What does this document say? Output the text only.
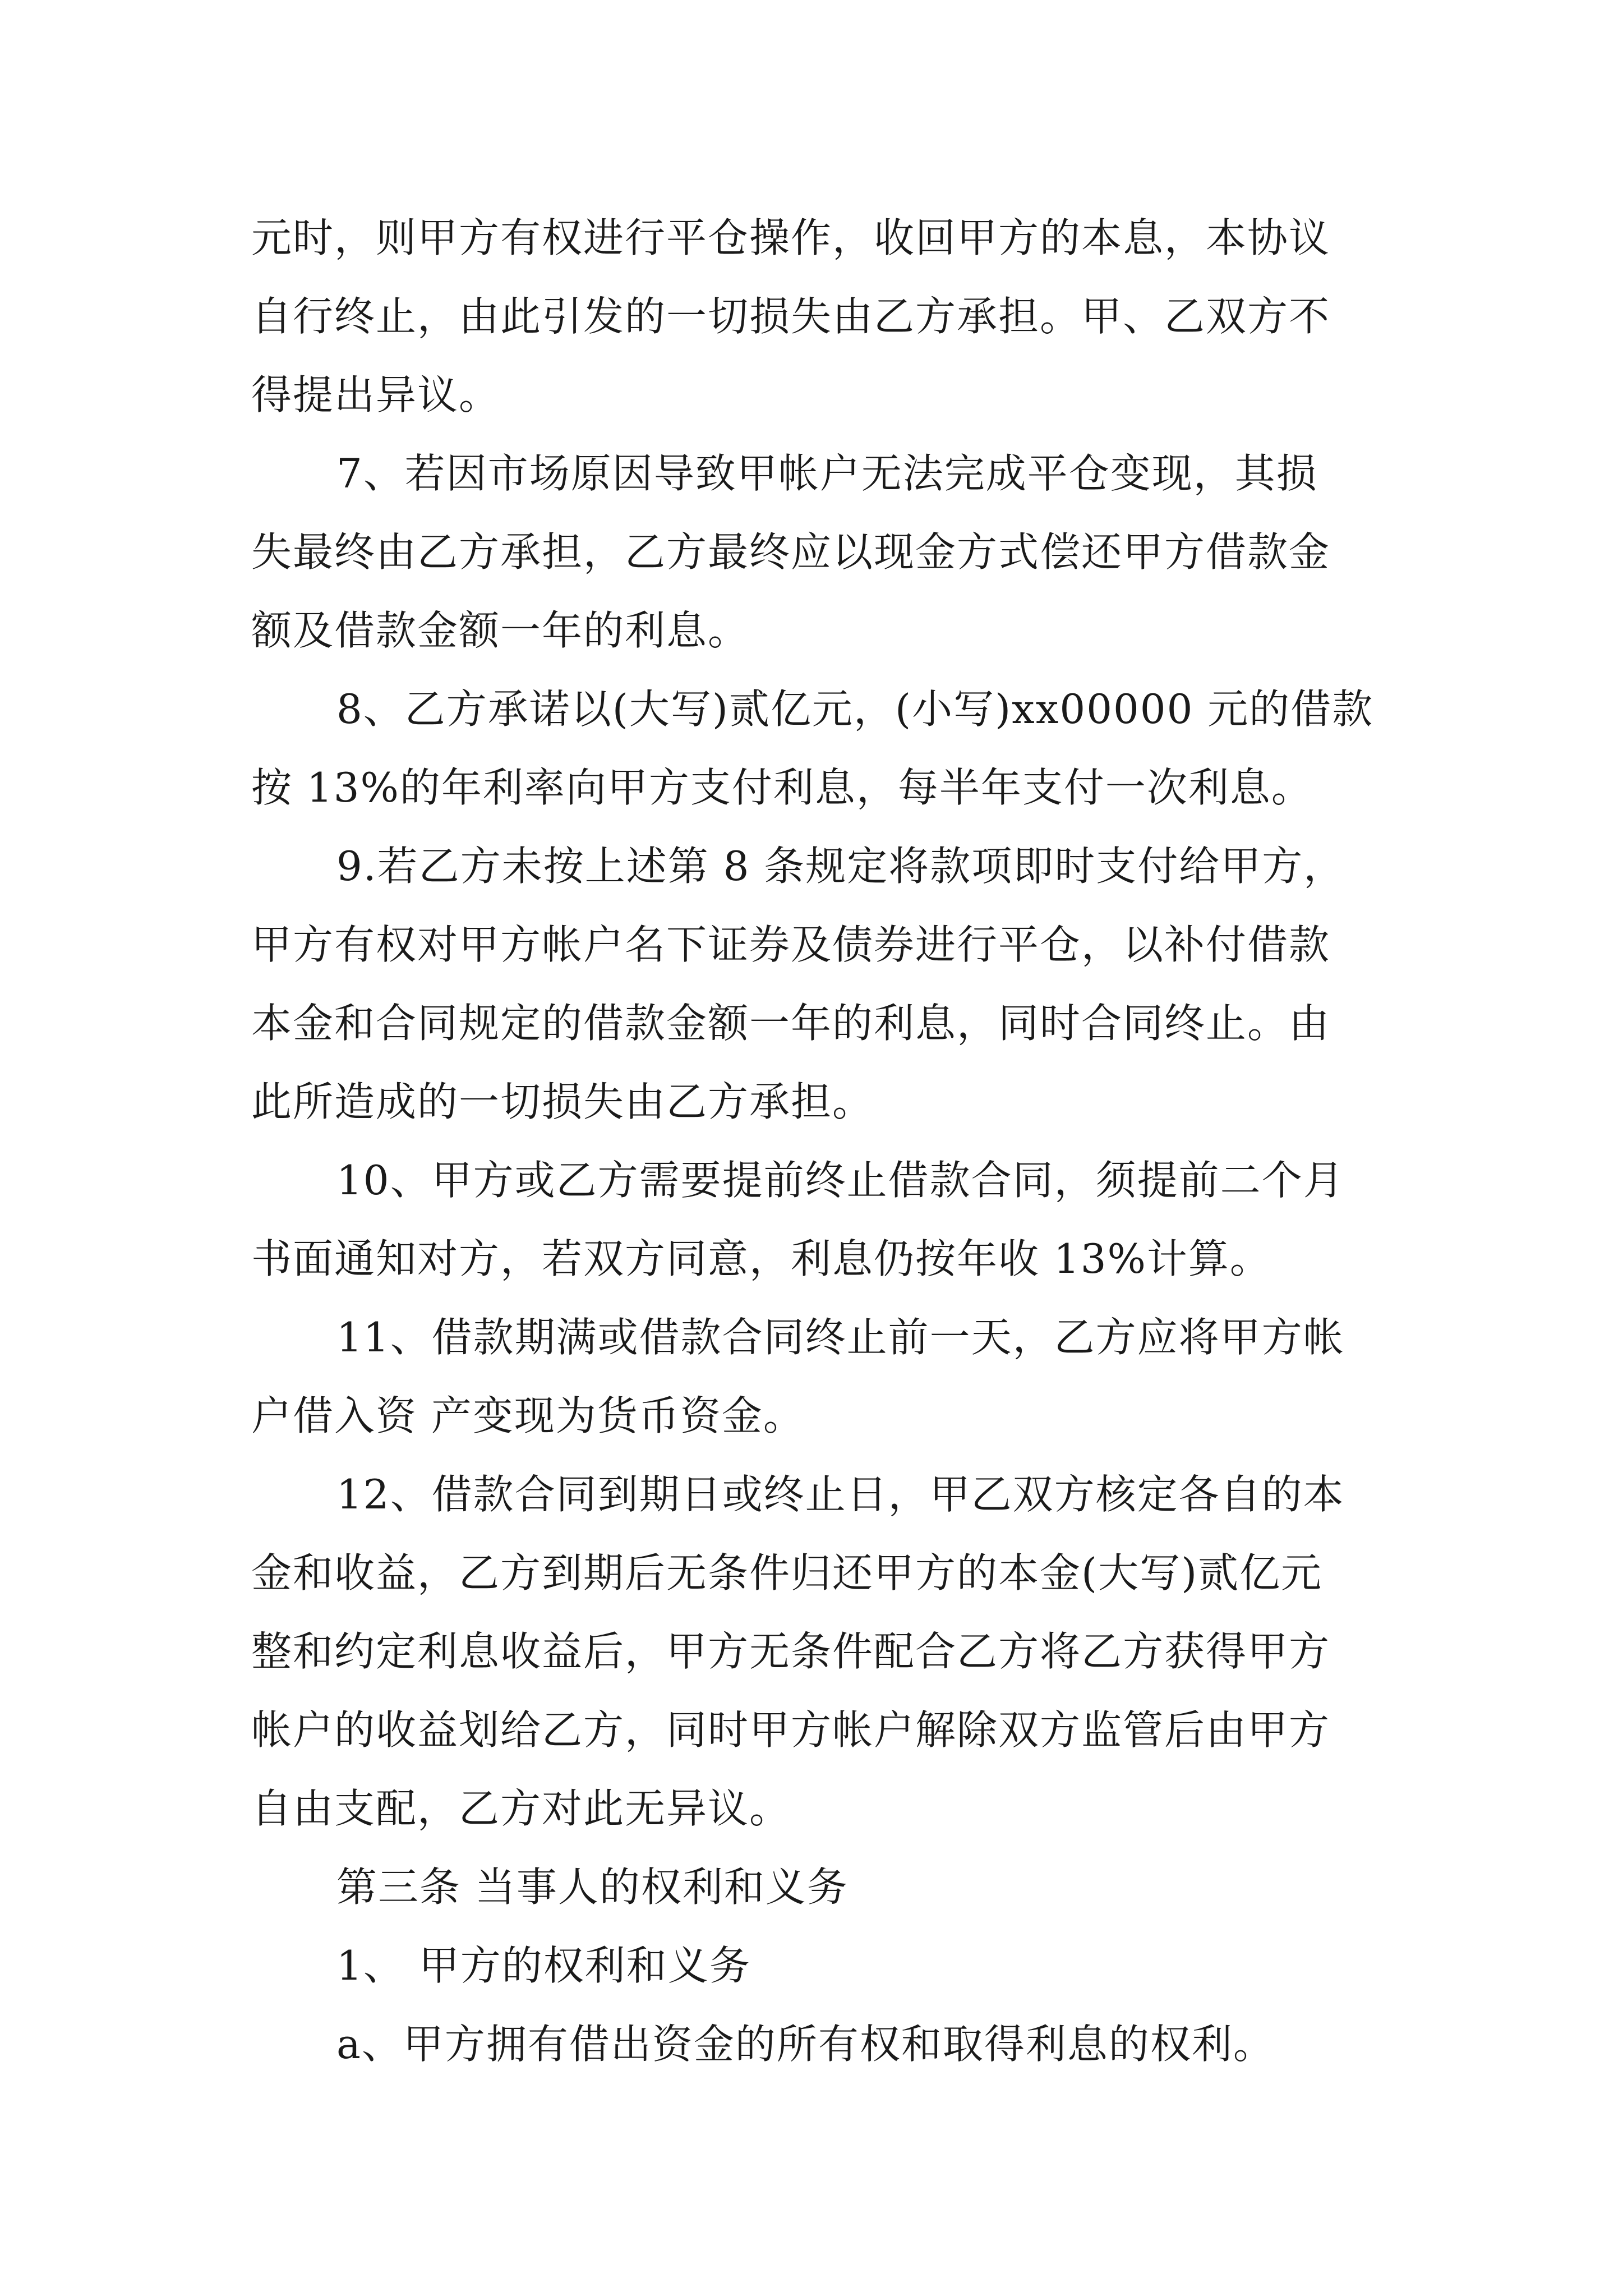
元时，则甲方有权进行平仓操作，收回甲方的本息，本协议

自行终止，由此引发的一切损失由乙方承担。甲、乙双方不

得提出异议。

7、若因市场原因导致甲帐户无法完成平仓变现，其损

失最终由乙方承担，乙方最终应以现金方式偿还甲方借款金

额及借款金额一年的利息。

8、乙方承诺以(大写)贰亿元，(小写)xx00000 元的借款

按 13%的年利率向甲方支付利息，每半年支付一次利息。

9.若乙方未按上述第 8 条规定将款项即时支付给甲方，

甲方有权对甲方帐户名下证券及债券进行平仓，以补付借款

本金和合同规定的借款金额一年的利息，同时合同终止。由

此所造成的一切损失由乙方承担。

10、甲方或乙方需要提前终止借款合同，须提前二个月

书面通知对方，若双方同意，利息仍按年收 13%计算。

11、借款期满或借款合同终止前一天，乙方应将甲方帐

户借入资 产变现为货币资金。

12、借款合同到期日或终止日，甲乙双方核定各自的本

金和收益，乙方到期后无条件归还甲方的本金(大写)贰亿元

整和约定利息收益后，甲方无条件配合乙方将乙方获得甲方

帐户的收益划给乙方，同时甲方帐户解除双方监管后由甲方

自由支配，乙方对此无异议。

第三条 当事人的权利和义务

1、 甲方的权利和义务

a、甲方拥有借出资金的所有权和取得利息的权利。
